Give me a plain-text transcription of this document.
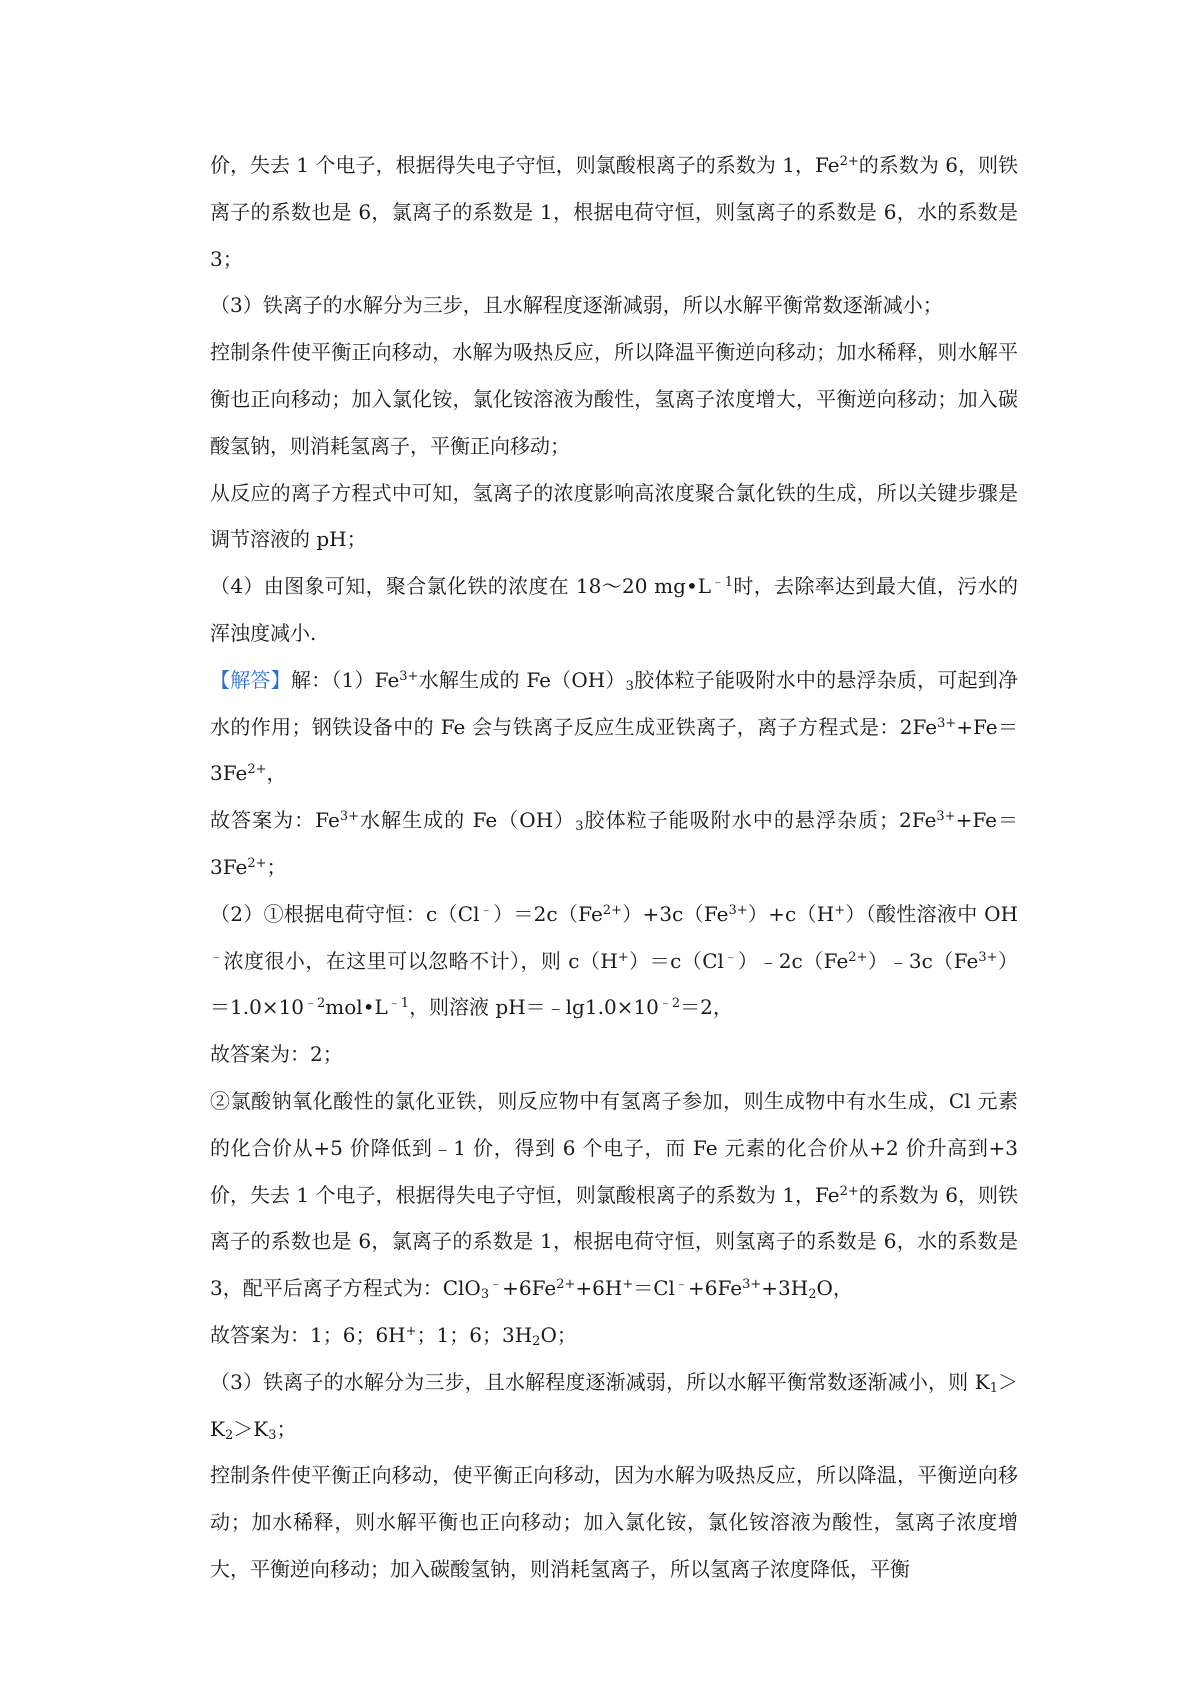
价，失去 1 个电子，根据得失电子守恒，则氯酸根离子的系数为 1，$Fe^{2+}$的系数为 6，则铁离子的系数也是 6，氯离子的系数是 1，根据电荷守恒，则氢离子的系数是 6，水的系数是 3；

（3）铁离子的水解分为三步，且水解程度逐渐减弱，所以水解平衡常数逐渐减小；

控制条件使平衡正向移动，水解为吸热反应，所以降温平衡逆向移动；加水稀释，则水解平衡也正向移动；加入氯化铵，氯化铵溶液为酸性，氢离子浓度增大，平衡逆向移动；加入碳酸氢钠，则消耗氢离子，平衡正向移动；

从反应的离子方程式中可知，氢离子的浓度影响高浓度聚合氯化铁的生成，所以关键步骤是调节溶液的 pH；

（4）由图象可知，聚合氯化铁的浓度在 18～20 $mg•L^{﹣1}$时，去除率达到最大值，污水的浑浊度减小.

【解答】解：$(1)Fe^{3+}$水解生成的 $Fe(OH)_3$胶体粒子能吸附水中的悬浮杂质，可起到净水的作用；钢铁设备中的 Fe 会与铁离子反应生成亚铁离子，离子方程式是：$2Fe^{3+}+Fe=3Fe^{2+}$，

故答案为：$Fe^{3+}$水解生成的 $Fe(OH)_3$胶体粒子能吸附水中的悬浮杂质；$2Fe^{3+}+Fe=3Fe^{2+}$；

（2）①根据电荷守恒：$c(Cl^﹣)=2c(Fe^{2+})+3c(Fe^{3+})+c(H^+)$（酸性溶液中 OH﹣浓度很小，在这里可以忽略不计），则 $c(H^+)=c(Cl^﹣)﹣2c(Fe^{2+})﹣3c(Fe^{3+})=1.0\times 10^{﹣2}mol•L^{﹣1}$，则溶液 $pH=﹣\lg 1.0\times 10^{﹣2}=2$，

故答案为：2；

②氯酸钠氧化酸性的氯化亚铁，则反应物中有氢离子参加，则生成物中有水生成，Cl 元素的化合价从+5 价降低到﹣1 价，得到 6 个电子，而 Fe 元素的化合价从+2 价升高到+3 价，失去 1 个电子，根据得失电子守恒，则氯酸根离子的系数为 1，$Fe^{2+}$的系数为 6，则铁离子的系数也是 6，氯离子的系数是 1，根据电荷守恒，则氢离子的系数是 6，水的系数是 3，配平后离子方程式为：$ClO_3^﹣+6Fe^{2+}+6H^+=Cl^﹣+6Fe^{3+}+3H_2O$，

故答案为：1；6；6H+；1；6；$3H_2O$；

（3）铁离子的水解分为三步，且水解程度逐渐减弱，所以水解平衡常数逐渐减小，则 $K_1>K_2>K_3$；

控制条件使平衡正向移动，使平衡正向移动，因为水解为吸热反应，所以降温，平衡逆向移动；加水稀释，则水解平衡也正向移动；加入氯化铵，氯化铵溶液为酸性，氢离子浓度增大，平衡逆向移动；加入碳酸氢钠，则消耗氢离子，所以氢离子浓度降低，平衡
